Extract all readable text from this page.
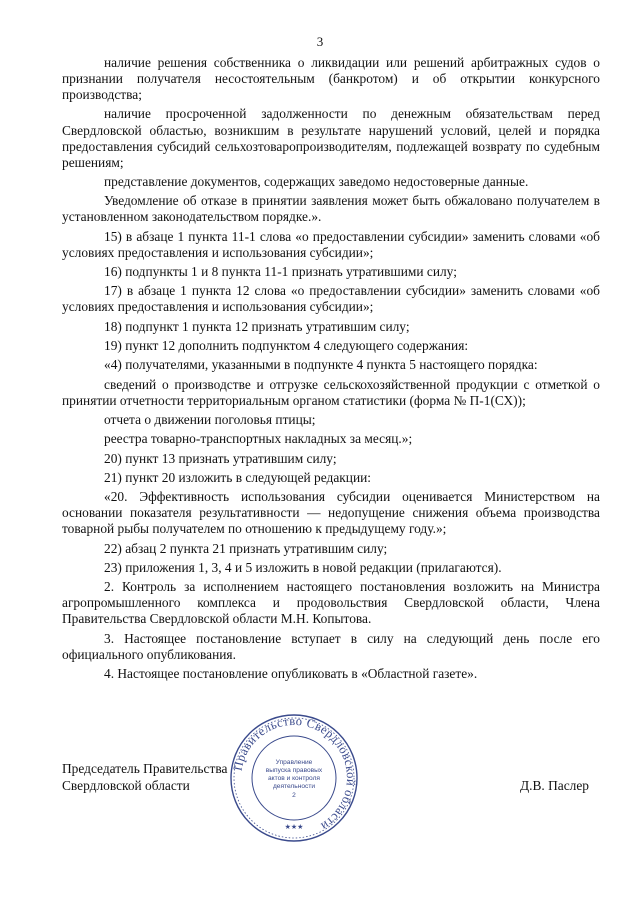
3

наличие решения собственника о ликвидации или решений арбитражных судов о признании получателя несостоятельным (банкротом) и об открытии конкурсного производства;

наличие просроченной задолженности по денежным обязательствам перед Свердловской областью, возникшим в результате нарушений условий, целей и порядка предоставления субсидий сельхозтоваропроизводителям, подлежащей возврату по судебным решениям;

представление документов, содержащих заведомо недостоверные данные.

Уведомление об отказе в принятии заявления может быть обжаловано получателем в установленном законодательством порядке.».

15) в абзаце 1 пункта 11-1 слова «о предоставлении субсидии» заменить словами «об условиях предоставления и использования субсидии»;

16) подпункты 1 и 8 пункта 11-1 признать утратившими силу;

17) в абзаце 1 пункта 12 слова «о предоставлении субсидии» заменить словами «об условиях предоставления и использования субсидии»;

18) подпункт 1 пункта 12 признать утратившим силу;

19) пункт 12 дополнить подпунктом 4 следующего содержания:

«4) получателями, указанными в подпункте 4 пункта 5 настоящего порядка:

сведений о производстве и отгрузке сельскохозяйственной продукции с отметкой о принятии отчетности территориальным органом статистики (форма № П-1(СХ));

отчета о движении поголовья птицы;

реестра товарно-транспортных накладных за месяц.»;

20) пункт 13 признать утратившим силу;

21) пункт 20 изложить в следующей редакции:

«20. Эффективность использования субсидии оценивается Министерством на основании показателя результативности — недопущение снижения объема производства товарной рыбы получателем по отношению к предыдущему году.»;

22) абзац 2 пункта 21 признать утратившим силу;

23) приложения 1, 3, 4 и 5 изложить в новой редакции (прилагаются).

2. Контроль за исполнением настоящего постановления возложить на Министра агропромышленного комплекса и продовольствия Свердловской области, Члена Правительства Свердловской области М.Н. Копытова.

3. Настоящее постановление вступает в силу на следующий день после его официального опубликования.

4. Настоящее постановление опубликовать в «Областной газете».

Правительство Свердловской области
Управление
выпуска правовых
актов и контроля
деятельности
2
★★★
Председатель Правительства
Свердловской области	Д.В. Паслер
